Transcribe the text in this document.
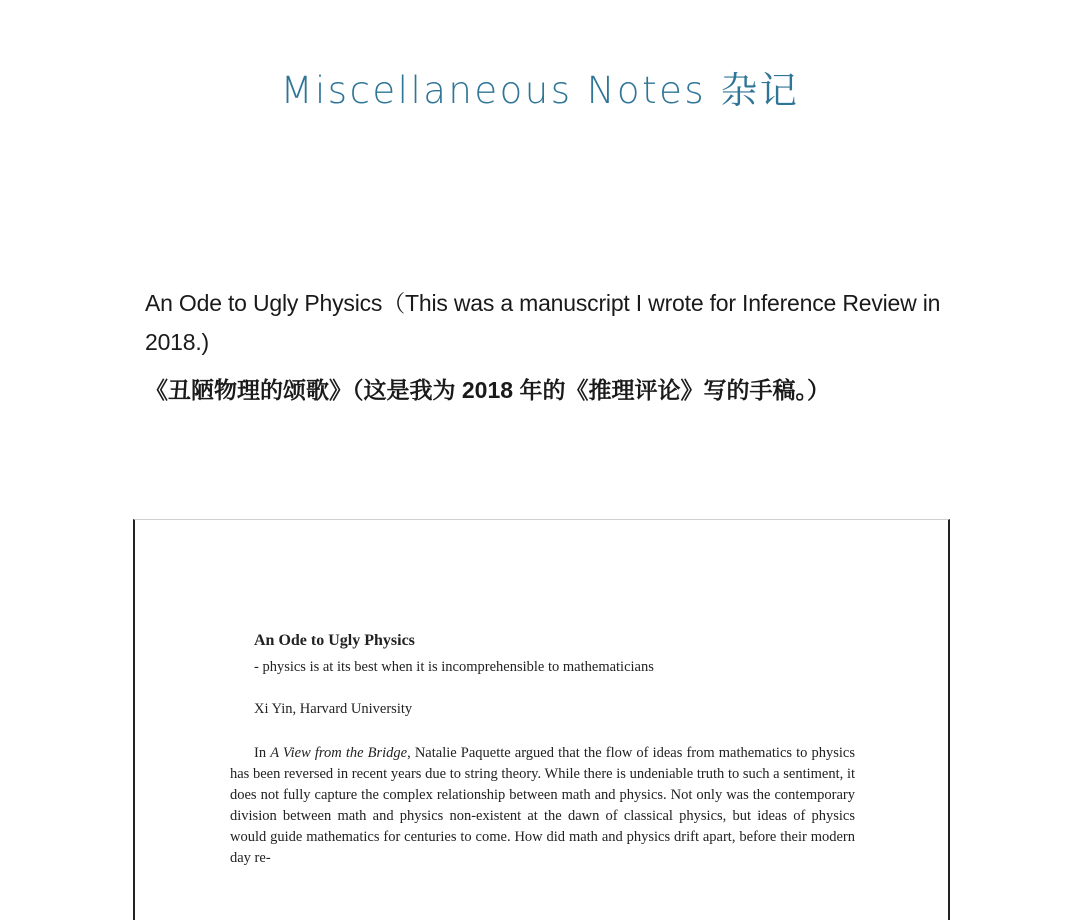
Miscellaneous Notes 杂记

An Ode to Ugly Physics（This was a manuscript I wrote for Inference Review in 2018.)

《丑陋物理的颂歌》（这是我为 2018 年的《推理评论》写的手稿。）

An Ode to Ugly Physics

- physics is at its best when it is incomprehensible to mathematicians

Xi Yin, Harvard University

In A View from the Bridge, Natalie Paquette argued that the flow of ideas from mathematics to physics has been reversed in recent years due to string theory. While there is undeniable truth to such a sentiment, it does not fully capture the complex relationship between math and physics. Not only was the contemporary division between math and physics non-existent at the dawn of classical physics, but ideas of physics would guide mathematics for centuries to come. How did math and physics drift apart, before their modern day re-
